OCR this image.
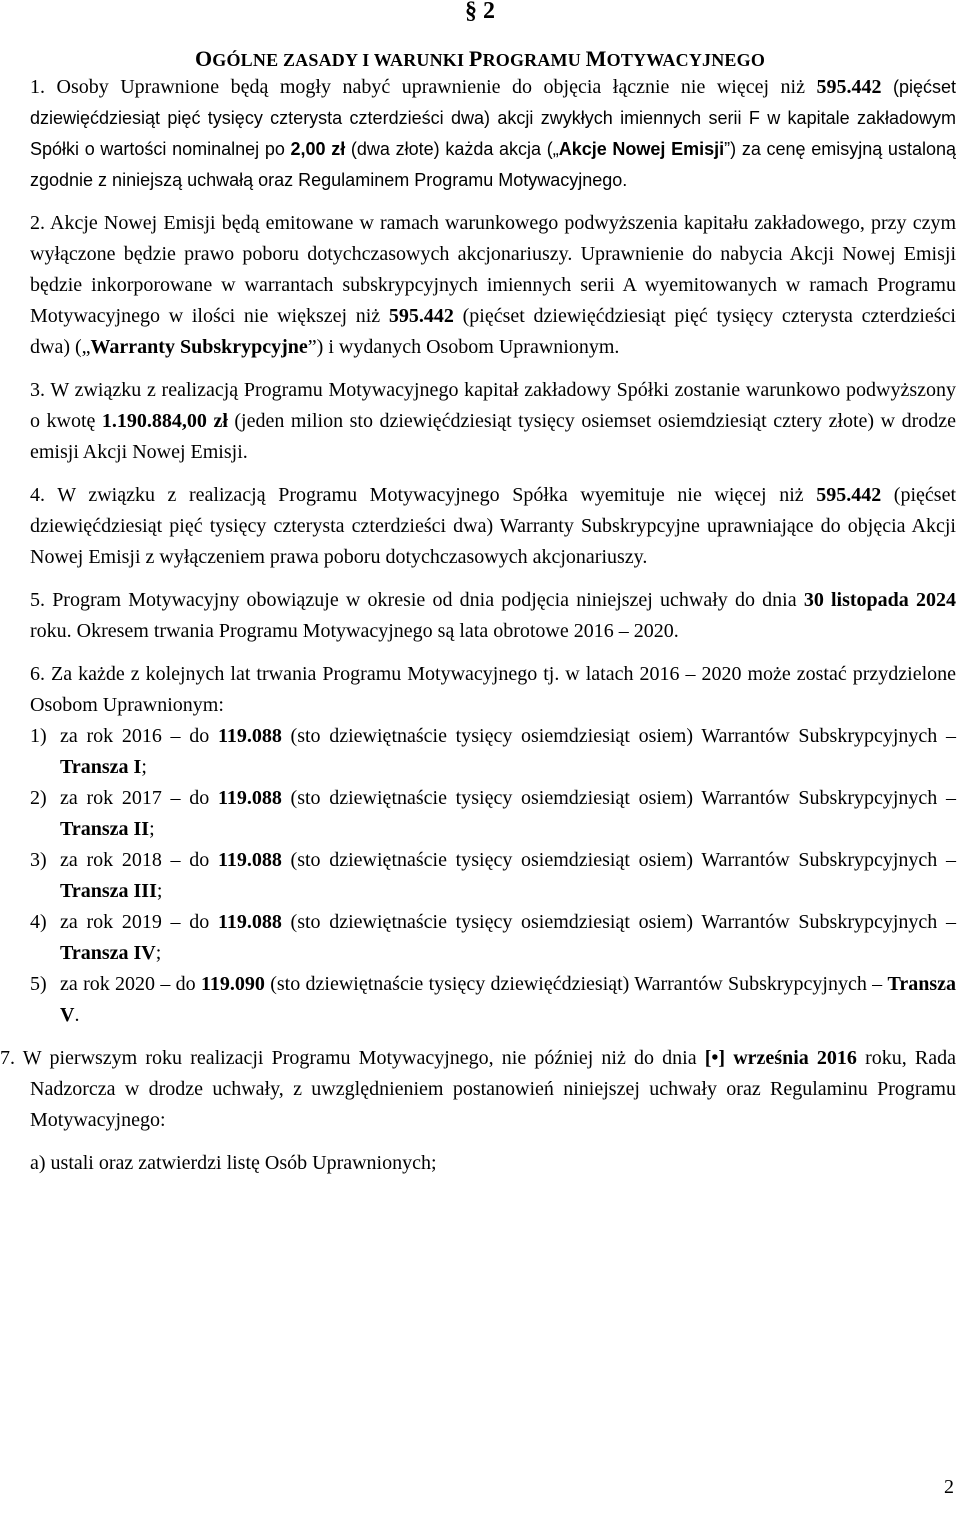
§ 2
OGÓLNE ZASADY I WARUNKI PROGRAMU MOTYWACYJNEGO

1. Osoby Uprawnione będą mogły nabyć uprawnienie do objęcia łącznie nie więcej niż 595.442 (pięćset dziewięćdziesiąt pięć tysięcy czterysta czterdzieści dwa) akcji zwykłych imiennych serii F w kapitale zakładowym Spółki o wartości nominalnej po 2,00 zł (dwa złote) każda akcja („Akcje Nowej Emisji”) za cenę emisyjną ustaloną zgodnie z niniejszą uchwałą oraz Regulaminem Programu Motywacyjnego.

2. Akcje Nowej Emisji będą emitowane w ramach warunkowego podwyższenia kapitału zakładowego, przy czym wyłączone będzie prawo poboru dotychczasowych akcjonariuszy. Uprawnienie do nabycia Akcji Nowej Emisji będzie inkorporowane w warrantach subskrypcyjnych imiennych serii A wyemitowanych w ramach Programu Motywacyjnego w ilości nie większej niż 595.442 (pięćset dziewięćdziesiąt pięć tysięcy czterysta czterdzieści dwa) („Warranty Subskrypcyjne”) i wydanych Osobom Uprawnionym.

3. W związku z realizacją Programu Motywacyjnego kapitał zakładowy Spółki zostanie warunkowo podwyższony o kwotę 1.190.884,00 zł (jeden milion sto dziewięćdziesiąt tysięcy osiemset osiemdziesiąt cztery złote) w drodze emisji Akcji Nowej Emisji.

4. W związku z realizacją Programu Motywacyjnego Spółka wyemituje nie więcej niż 595.442 (pięćset dziewięćdziesiąt pięć tysięcy czterysta czterdzieści dwa) Warranty Subskrypcyjne uprawniające do objęcia Akcji Nowej Emisji z wyłączeniem prawa poboru dotychczasowych akcjonariuszy.

5. Program Motywacyjny obowiązuje w okresie od dnia podjęcia niniejszej uchwały do dnia 30 listopada 2024 roku. Okresem trwania Programu Motywacyjnego są lata obrotowe 2016 – 2020.

6. Za każde z kolejnych lat trwania Programu Motywacyjnego tj. w latach 2016 – 2020 może zostać przydzielone Osobom Uprawnionym:

1) za rok 2016 – do 119.088 (sto dziewiętnaście tysięcy osiemdziesiąt osiem) Warrantów Subskrypcyjnych – Transza I;

2) za rok 2017 – do 119.088 (sto dziewiętnaście tysięcy osiemdziesiąt osiem) Warrantów Subskrypcyjnych – Transza II;

3) za rok 2018 – do 119.088 (sto dziewiętnaście tysięcy osiemdziesiąt osiem) Warrantów Subskrypcyjnych – Transza III;

4) za rok 2019 – do 119.088 (sto dziewiętnaście tysięcy osiemdziesiąt osiem) Warrantów Subskrypcyjnych – Transza IV;

5) za rok 2020 – do 119.090 (sto dziewiętnaście tysięcy dziewięćdziesiąt) Warrantów Subskrypcyjnych – Transza V.

7. W pierwszym roku realizacji Programu Motywacyjnego, nie później niż do dnia [•] września 2016 roku, Rada Nadzorcza w drodze uchwały, z uwzględnieniem postanowień niniejszej uchwały oraz Regulaminu Programu Motywacyjnego:

a) ustali oraz zatwierdzi listę Osób Uprawnionych;

2
